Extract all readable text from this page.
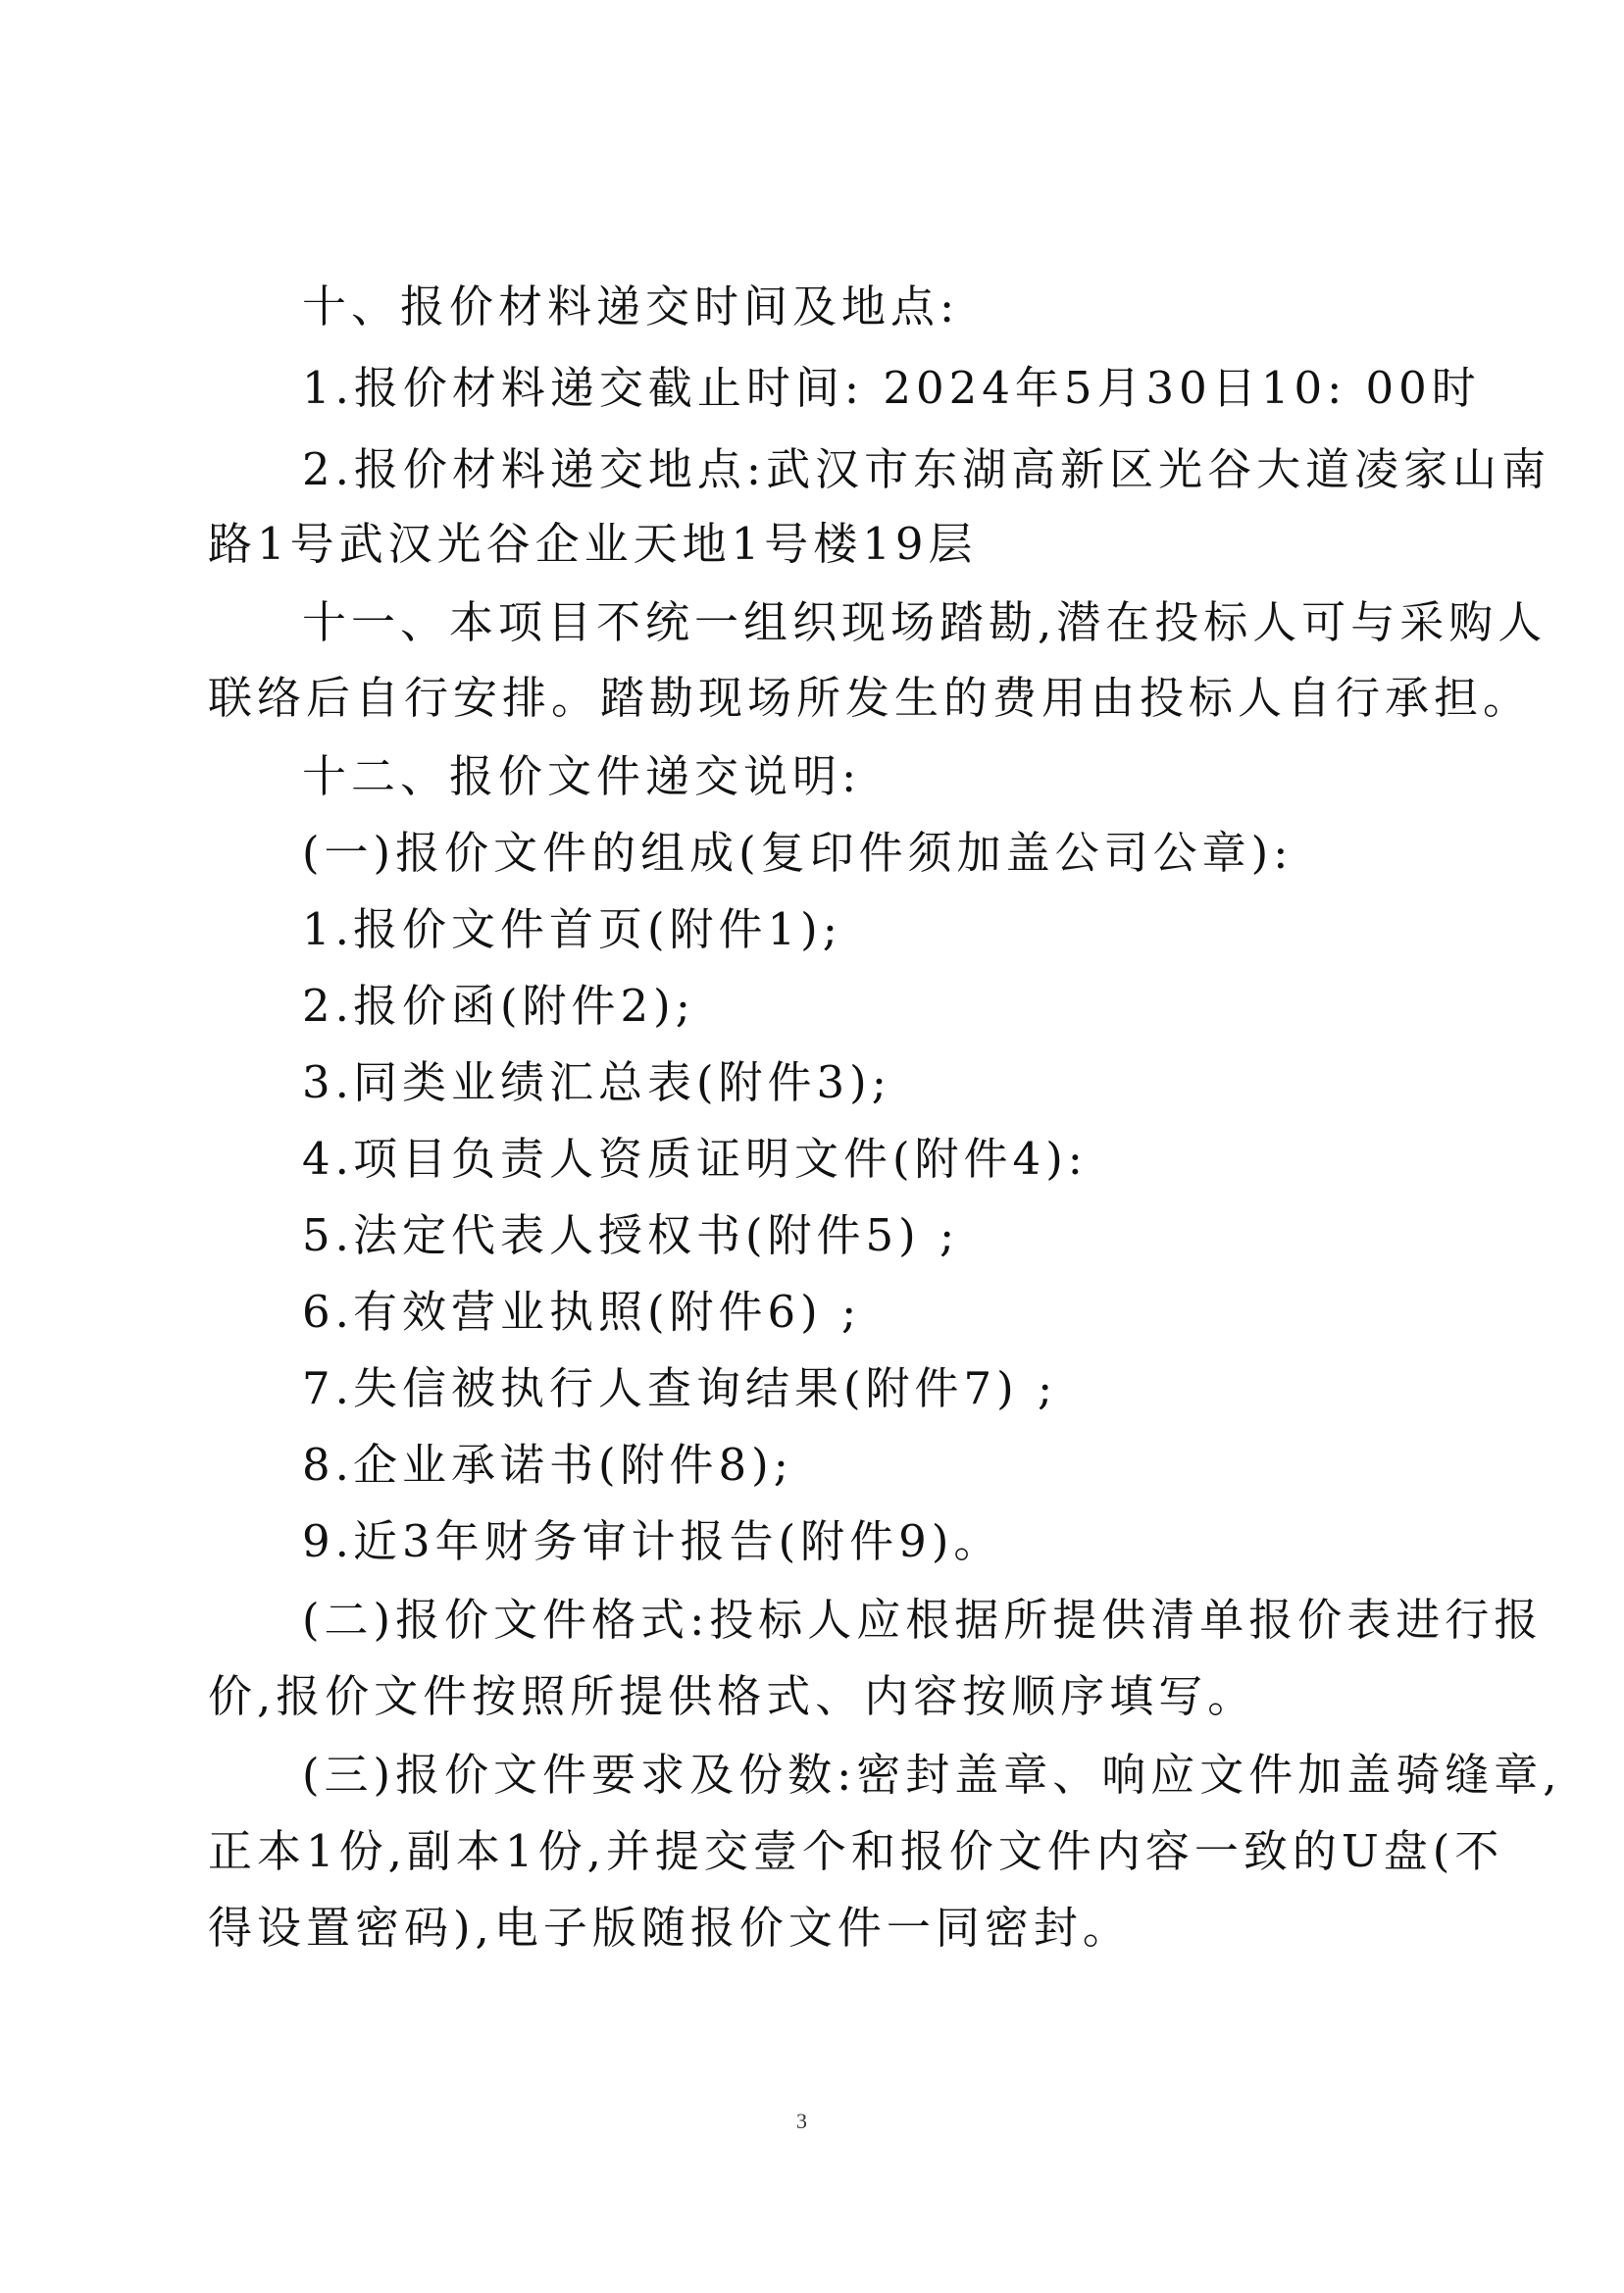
十、报价材料递交时间及地点:
1.报价材料递交截止时间: 2024年5月30日10: 00时
2.报价材料递交地点:武汉市东湖高新区光谷大道凌家山南
路1号武汉光谷企业天地1号楼19层
十一、本项目不统一组织现场踏勘,潜在投标人可与采购人
联络后自行安排。踏勘现场所发生的费用由投标人自行承担。
十二、报价文件递交说明:
(一)报价文件的组成(复印件须加盖公司公章):
1.报价文件首页(附件1);
2.报价函(附件2);
3.同类业绩汇总表(附件3);
4.项目负责人资质证明文件(附件4):
5.法定代表人授权书(附件5) ;
6.有效营业执照(附件6) ;
7.失信被执行人查询结果(附件7) ;
8.企业承诺书(附件8);
9.近3年财务审计报告(附件9)。
(二)报价文件格式:投标人应根据所提供清单报价表进行报
价,报价文件按照所提供格式、内容按顺序填写。
(三)报价文件要求及份数:密封盖章、响应文件加盖骑缝章,
正本1份,副本1份,并提交壹个和报价文件内容一致的U盘(不
得设置密码),电子版随报价文件一同密封。
3
